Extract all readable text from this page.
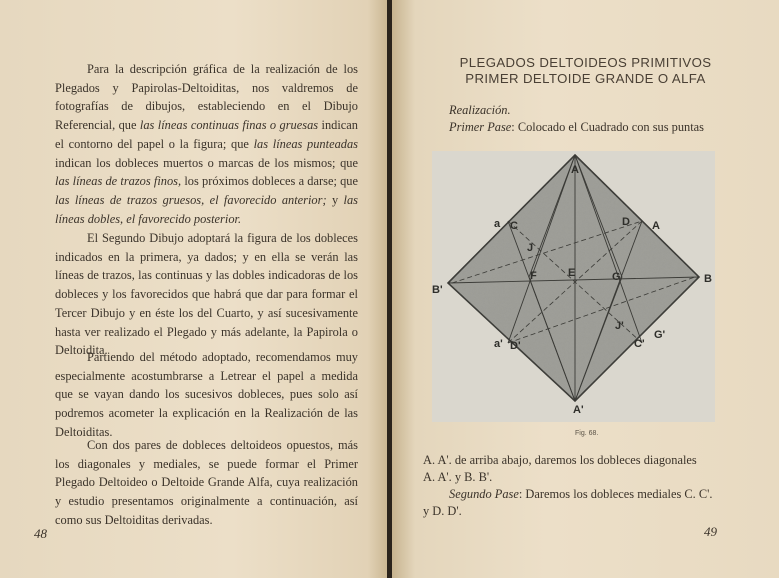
Para la descripción gráfica de la realización de los Plegados y Papirolas-Deltoiditas, nos valdremos de fotografías de dibujos, estableciendo en el Dibujo Referencial, que las líneas continuas finas o gruesas indican el contorno del papel o la figura; que las líneas punteadas indican los dobleces muertos o marcas de los mismos; que las líneas de trazos finos, los próximos dobleces a darse; que las líneas de trazos gruesos, el favorecido anterior; y las líneas dobles, el favorecido posterior.

El Segundo Dibujo adoptará la figura de los dobleces indicados en la primera, ya dados; y en ella se verán las líneas de trazos, las continuas y las dobles indicadoras de los dobleces y los favorecidos que habrá que dar para formar el Tercer Dibujo y en éste los del Cuarto, y así sucesivamente hasta ver realizado el Plegado y más adelante, la Papirola o Deltoidita.

Partiendo del método adoptado, recomendamos muy especialmente acostumbrarse a Letrear el papel a medida que se vayan dando los sucesivos dobleces, pues solo así podremos acometer la explicación en la Realización de las Deltoiditas.

Con dos pares de dobleces deltoideos opuestos, más los diagonales y mediales, se puede formar el Primer Plegado Deltoideo o Deltoide Grande Alfa, cuya realización y estudio presentamos originalmente a continuación, así como sus Deltoiditas derivadas.

48
PLEGADOS DELTOIDEOS PRIMITIVOS
PRIMER DELTOIDE GRANDE O ALFA
Realización.
Primer Pase: Colocado el Cuadrado con sus puntas
A
A'
B
B'
D A
a
a'
C
C'
D'
J
J'
E
F	G
G'
Fig. 68.
A. A'. de arriba abajo, daremos los dobleces diagonales
A. A'. y B. B'.
Segundo Pase: Daremos los dobleces mediales C. C'.
y D. D'.
49
